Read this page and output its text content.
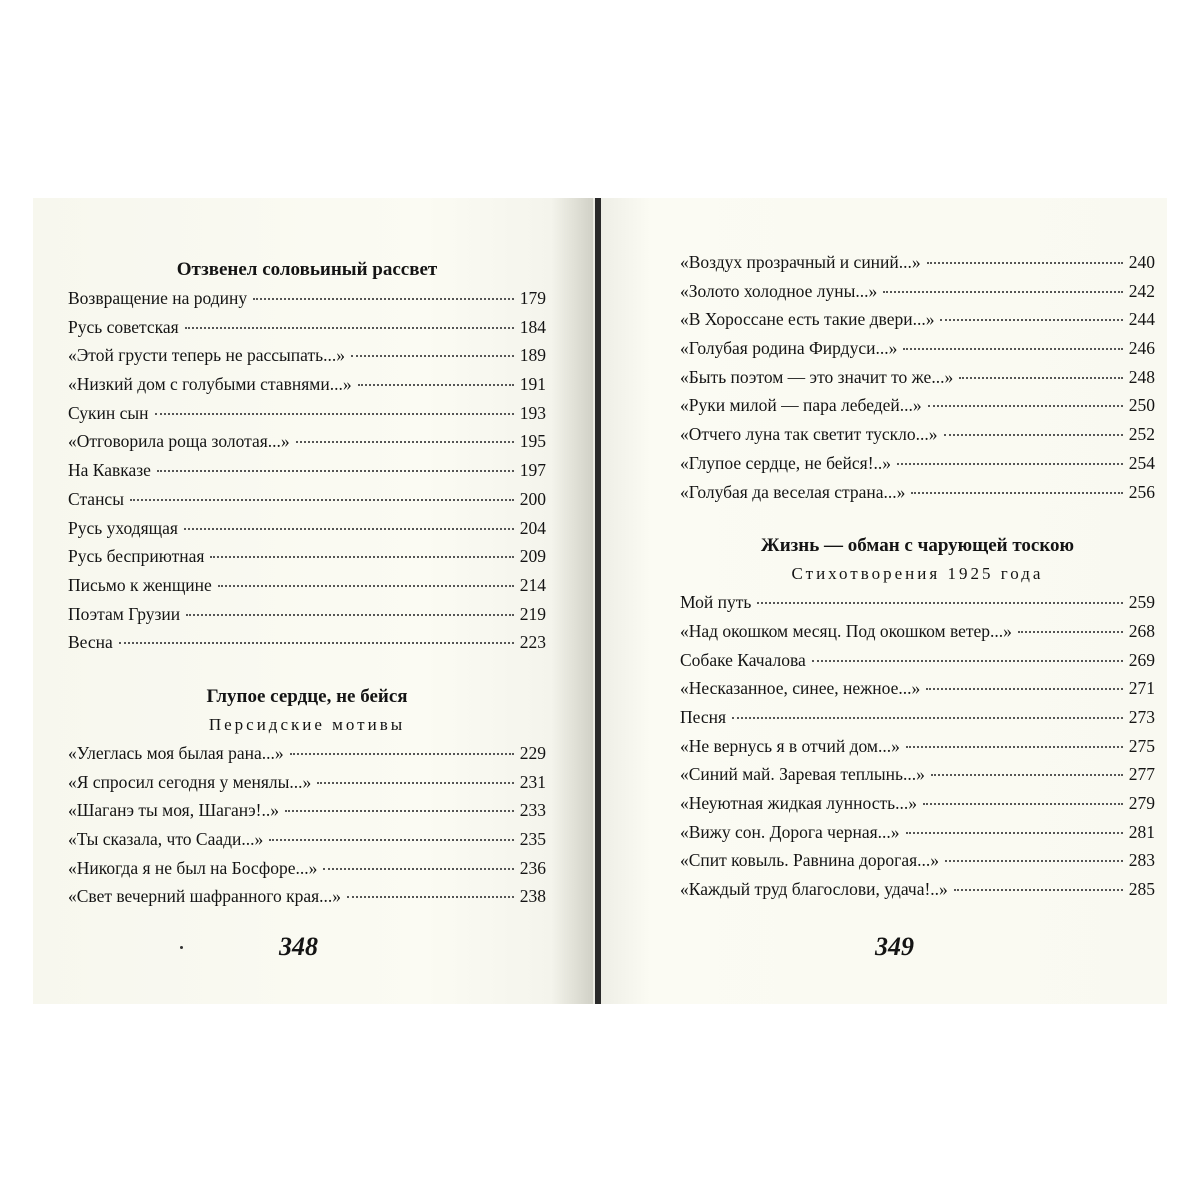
Отзвенел соловьиный рассвет
Возвращение на родину	179
Русь советская	184
«Этой грусти теперь не рассыпать...»	189
«Низкий дом с голубыми ставнями...»	191
Сукин сын	193
«Отговорила роща золотая...»	195
На Кавказе	197
Стансы	200
Русь уходящая	204
Русь бесприютная	209
Письмо к женщине	214
Поэтам Грузии	219
Весна	223
Глупое сердце, не бейся
Персидские мотивы
«Улеглась моя былая рана...»	229
«Я спросил сегодня у менялы...»	231
«Шаганэ ты моя, Шаганэ!..»	233
«Ты сказала, что Саади...»	235
«Никогда я не был на Босфоре...»	236
«Свет вечерний шафранного края...»	238
348
«Воздух прозрачный и синий...»	240
«Золото холодное луны...»	242
«В Хороссане есть такие двери...»	244
«Голубая родина Фирдуси...»	246
«Быть поэтом — это значит то же...»	248
«Руки милой — пара лебедей...»	250
«Отчего луна так светит тускло...»	252
«Глупое сердце, не бейся!..»	254
«Голубая да веселая страна...»	256
Жизнь — обман с чарующей тоскою
Стихотворения 1925 года
Мой путь	259
«Над окошком месяц. Под окошком ветер...»	268
Собаке Качалова	269
«Несказанное, синее, нежное...»	271
Песня	273
«Не вернусь я в отчий дом...»	275
«Синий май. Заревая теплынь...»	277
«Неуютная жидкая лунность...»	279
«Вижу сон. Дорога черная...»	281
«Спит ковыль. Равнина дорогая...»	283
«Каждый труд благослови, удача!..»	285
349
